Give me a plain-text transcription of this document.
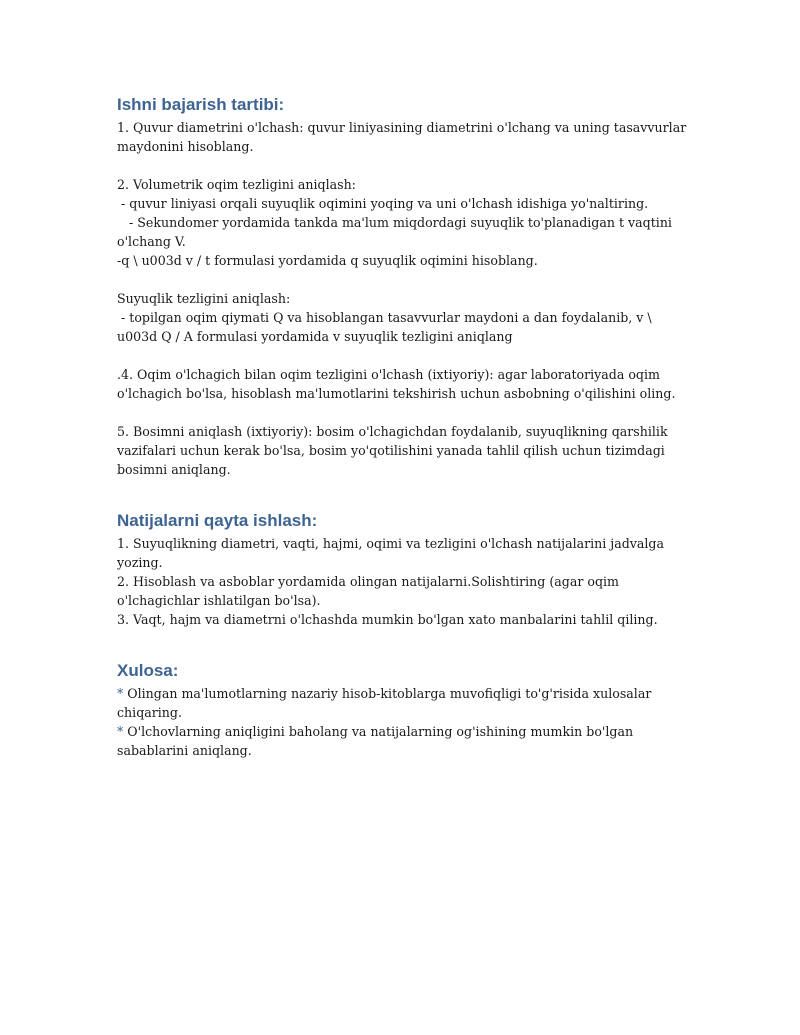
Ishni bajarish tartibi:

1. Quvur diametrini o'lchash: quvur liniyasining diametrini o'lchang va uning tasavvurlar maydonini hisoblang.

2. Volumetrik oqim tezligini aniqlash:

- quvur liniyasi orqali suyuqlik oqimini yoqing va uni o'lchash idishiga yo'naltiring.

- Sekundomer yordamida tankda ma'lum miqdordagi suyuqlik to'planadigan t vaqtini o'lchang V.

-q \ u003d v / t formulasi yordamida q suyuqlik oqimini hisoblang.

Suyuqlik tezligini aniqlash:

- topilgan oqim qiymati Q va hisoblangan tasavvurlar maydoni a dan foydalanib, v \ u003d Q / A formulasi yordamida v suyuqlik tezligini aniqlang

.4. Oqim o'lchagich bilan oqim tezligini o'lchash (ixtiyoriy): agar laboratoriyada oqim o'lchagich bo'lsa, hisoblash ma'lumotlarini tekshirish uchun asbobning o'qilishini oling.

5. Bosimni aniqlash (ixtiyoriy): bosim o'lchagichdan foydalanib, suyuqlikning qarshilik vazifalari uchun kerak bo'lsa, bosim yo'qotilishini yanada tahlil qilish uchun tizimdagi bosimni aniqlang.

Natijalarni qayta ishlash:

1. Suyuqlikning diametri, vaqti, hajmi, oqimi va tezligini o'lchash natijalarini jadvalga yozing.

2. Hisoblash va asboblar yordamida olingan natijalarni.Solishtiring (agar oqim o'lchagichlar ishlatilgan bo'lsa).

3. Vaqt, hajm va diametrni o'lchashda mumkin bo'lgan xato manbalarini tahlil qiling.

Xulosa:

* Olingan ma'lumotlarning nazariy hisob-kitoblarga muvofiqligi to'g'risida xulosalar chiqaring.

* O'lchovlarning aniqligini baholang va natijalarning og'ishining mumkin bo'lgan sabablarini aniqlang.
